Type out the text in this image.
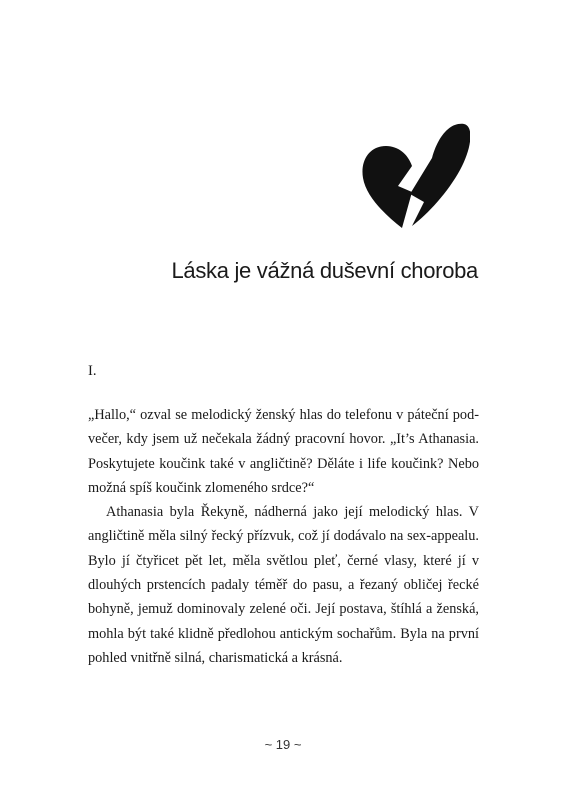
Láska je vážná duševní choroba
I.

„Hallo,“ ozval se melodický ženský hlas do telefonu v páteční podvečer, kdy jsem už nečekala žádný pracovní hovor. „It’s Athanasia. Poskytujete koučink také v angličtině? Děláte i life koučink? Nebo možná spíš koučink zlomeného srdce?“

Athanasia byla Řekyně, nádherná jako její melodický hlas. V angličtině měla silný řecký přízvuk, což jí dodávalo na sex-appealu. Bylo jí čtyřicet pět let, měla světlou pleť, černé vlasy, které jí v dlouhých prstencích padaly téměř do pasu, a řezaný obličej řecké bohyně, jemuž dominovaly zelené oči. Její postava, štíhlá a ženská, mohla být také klidně předlohou antickým sochařům. Byla na první pohled vnitřně silná, charismatická a krásná.

~ 19 ~
